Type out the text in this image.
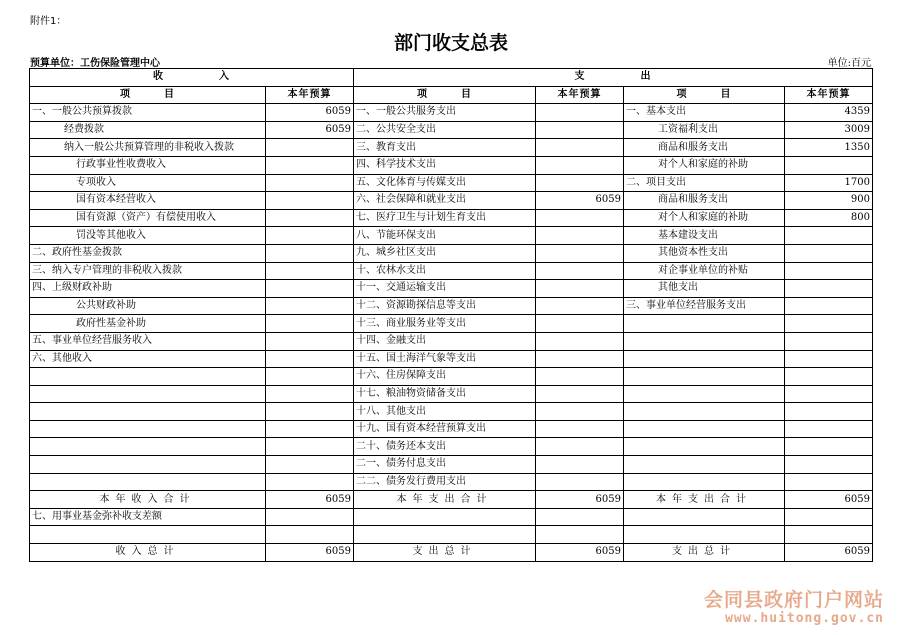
附件1：
部门收支总表
预算单位：工伤保险管理中心	单位:百元
收　　　　　入		支　　　　　出			
项　　　目	本年预算	项　　　目	本年预算	项　　　目	本年预算
一、一般公共预算拨款	6059	一、一般公共服务支出		一、基本支出	4359
经费拨款	6059	二、公共安全支出		工资福利支出	3009
纳入一般公共预算管理的非税收入拨款		三、教育支出		商品和服务支出	1350
行政事业性收费收入		四、科学技术支出		对个人和家庭的补助	
专项收入		五、文化体育与传媒支出		二、项目支出	1700
国有资本经营收入		六、社会保障和就业支出	6059	商品和服务支出	900
国有资源（资产）有偿使用收入		七、医疗卫生与计划生育支出		对个人和家庭的补助	800
罚没等其他收入		八、节能环保支出		基本建设支出	
二、政府性基金拨款		九、城乡社区支出		其他资本性支出	
三、纳入专户管理的非税收入拨款		十、农林水支出		对企事业单位的补贴	
四、上级财政补助		十一、交通运输支出		其他支出	
公共财政补助		十二、资源勘探信息等支出		三、事业单位经营服务支出	
政府性基金补助		十三、商业服务业等支出			
五、事业单位经营服务收入		十四、金融支出			
六、其他收入		十五、国土海洋气象等支出			
		十六、住房保障支出			
		十七、粮油物资储备支出			
		十八、其他支出			
		十九、国有资本经营预算支出			
		二十、债务还本支出			
		二一、债务付息支出			
		二二、债务发行费用支出			
本年收入合计	6059	本年支出合计	6059	本年支出合计	6059
七、用事业基金弥补收支差额					

收入总计	6059	支出总计	6059	支出总计	6059
会同县政府门户网站
www.huitong.gov.cn
